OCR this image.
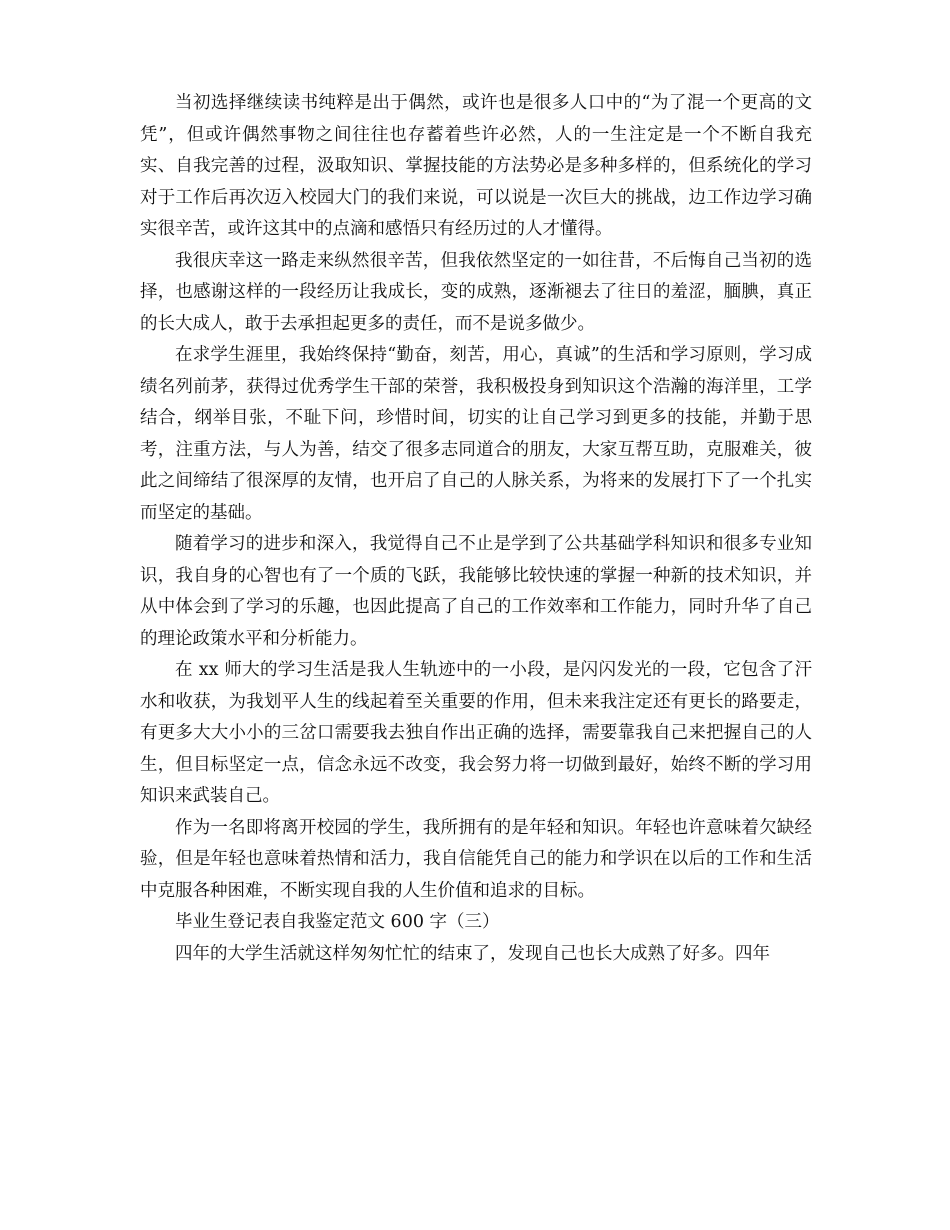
当初选择继续读书纯粹是出于偶然，或许也是很多人口中的“为了混一个更高的文凭”，但或许偶然事物之间往往也存蓄着些许必然，人的一生注定是一个不断自我充实、自我完善的过程，汲取知识、掌握技能的方法势必是多种多样的，但系统化的学习对于工作后再次迈入校园大门的我们来说，可以说是一次巨大的挑战，边工作边学习确实很辛苦，或许这其中的点滴和感悟只有经历过的人才懂得。

我很庆幸这一路走来纵然很辛苦，但我依然坚定的一如往昔，不后悔自己当初的选择，也感谢这样的一段经历让我成长，变的成熟，逐渐褪去了往日的羞涩，腼腆，真正的长大成人，敢于去承担起更多的责任，而不是说多做少。

在求学生涯里，我始终保持“勤奋，刻苦，用心，真诚”的生活和学习原则，学习成绩名列前茅，获得过优秀学生干部的荣誉，我积极投身到知识这个浩瀚的海洋里，工学结合，纲举目张，不耻下问，珍惜时间，切实的让自己学习到更多的技能，并勤于思考，注重方法，与人为善，结交了很多志同道合的朋友，大家互帮互助，克服难关，彼此之间缔结了很深厚的友情，也开启了自己的人脉关系，为将来的发展打下了一个扎实而坚定的基础。

随着学习的进步和深入，我觉得自己不止是学到了公共基础学科知识和很多专业知识，我自身的心智也有了一个质的飞跃，我能够比较快速的掌握一种新的技术知识，并从中体会到了学习的乐趣，也因此提高了自己的工作效率和工作能力，同时升华了自己的理论政策水平和分析能力。

在 xx 师大的学习生活是我人生轨迹中的一小段，是闪闪发光的一段，它包含了汗水和收获，为我划平人生的线起着至关重要的作用，但未来我注定还有更长的路要走，有更多大大小小的三岔口需要我去独自作出正确的选择，需要靠我自己来把握自己的人生，但目标坚定一点，信念永远不改变，我会努力将一切做到最好，始终不断的学习用知识来武装自己。

作为一名即将离开校园的学生，我所拥有的是年轻和知识。年轻也许意味着欠缺经验，但是年轻也意味着热情和活力，我自信能凭自己的能力和学识在以后的工作和生活中克服各种困难，不断实现自我的人生价值和追求的目标。

毕业生登记表自我鉴定范文 600 字（三）

四年的大学生活就这样匆匆忙忙的结束了，发现自己也长大成熟了好多。四年
